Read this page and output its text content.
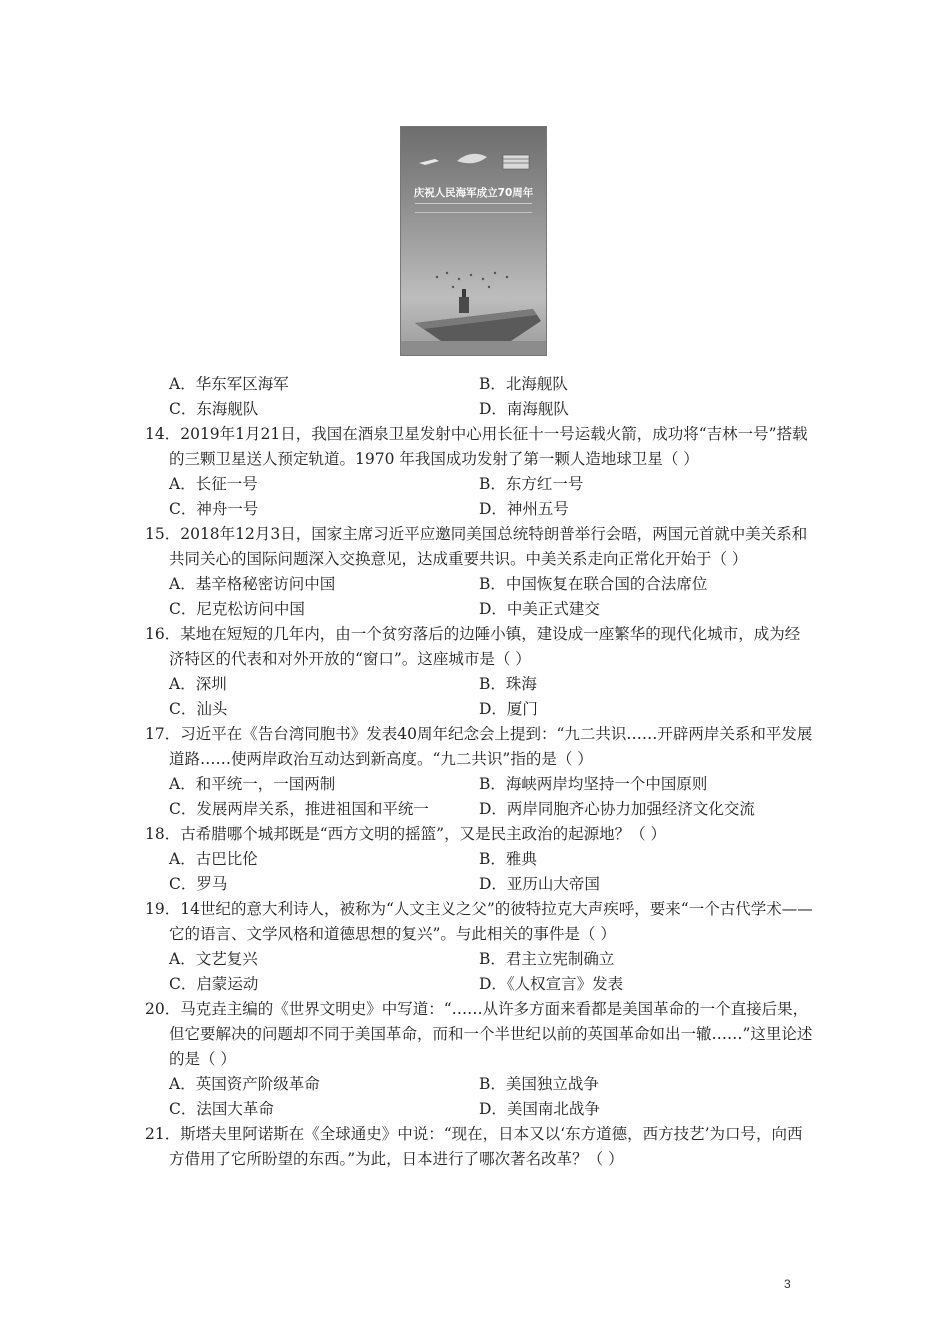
庆祝人民海军成立70周年
A．华东军区海军	B．北海舰队
C．东海舰队	D．南海舰队

14．2019年1月21日，我国在酒泉卫星发射中心用长征十一号运载火箭，成功将“吉林一号”搭载的三颗卫星送人预定轨道。1970 年我国成功发射了第一颗人造地球卫星（ ）

A．长征一号	B．东方红一号
C．神舟一号	D．神州五号

15．2018年12月3日，国家主席习近平应邀同美国总统特朗普举行会晤，两国元首就中美关系和共同关心的国际问题深入交换意见，达成重要共识。中美关系走向正常化开始于（ ）

A．基辛格秘密访问中国	B．中国恢复在联合国的合法席位
C．尼克松访问中国	D．中美正式建交

16．某地在短短的几年内，由一个贫穷落后的边陲小镇，建设成一座繁华的现代化城市，成为经济特区的代表和对外开放的“窗口”。这座城市是（ ）

A．深圳	B．珠海
C．汕头	D．厦门

17．习近平在《告台湾同胞书》发表40周年纪念会上提到：“九二共识……开辟两岸关系和平发展道路……使两岸政治互动达到新高度。“九二共识”指的是（ ）

A．和平统一，一国两制	B．海峡两岸均坚持一个中国原则
C．发展两岸关系，推进祖国和平统一	D．两岸同胞齐心协力加强经济文化交流

18．古希腊哪个城邦既是“西方文明的摇篮”，又是民主政治的起源地？（ ）

A．古巴比伦	B．雅典
C．罗马	D．亚历山大帝国

19．14世纪的意大利诗人，被称为“人文主义之父”的彼特拉克大声疾呼，要来“一个古代学术——它的语言、文学风格和道德思想的复兴”。与此相关的事件是（ ）

A．文艺复兴	B．君主立宪制确立
C．启蒙运动	D．《人权宣言》发表

20．马克垚主编的《世界文明史》中写道：“……从许多方面来看都是美国革命的一个直接后果，但它要解决的问题却不同于美国革命，而和一个半世纪以前的英国革命如出一辙……”这里论述的是（ ）

A．英国资产阶级革命	B．美国独立战争
C．法国大革命	D．美国南北战争

21．斯塔夫里阿诺斯在《全球通史》中说：“现在，日本又以‘东方道德，西方技艺’为口号，向西方借用了它所盼望的东西。”为此，日本进行了哪次著名改革？（ ）

3
